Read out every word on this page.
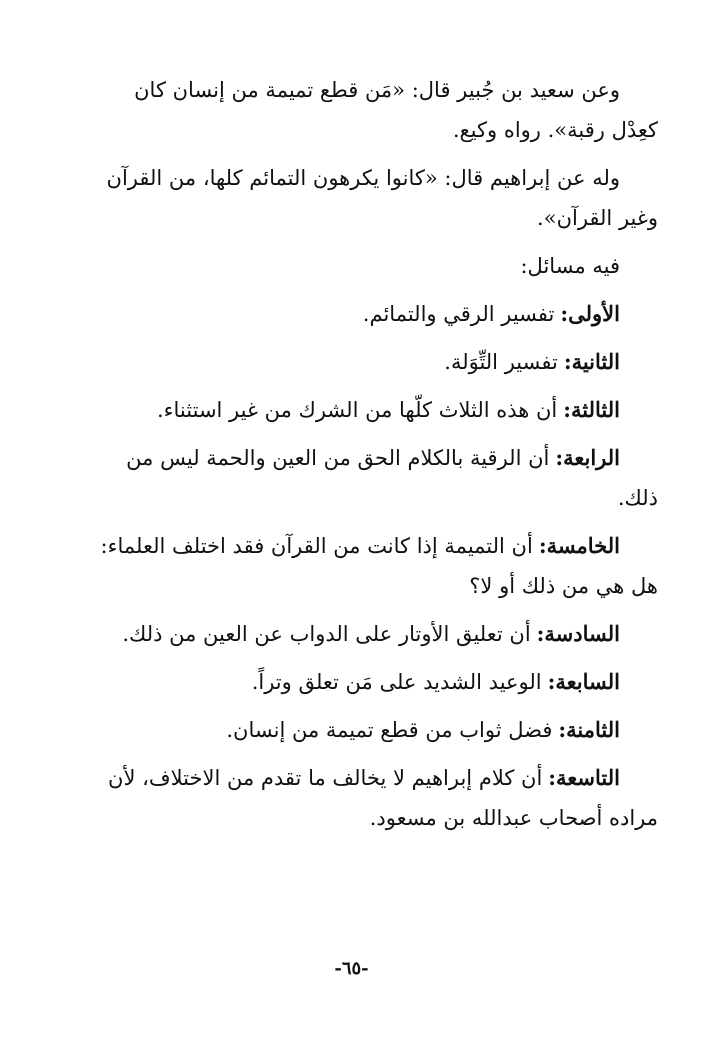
وعن سعيد بن جُبير قال: «مَن قطع تميمة من إنسان كان كعِدْل رقبة». رواه وكيع.

وله عن إبراهيم قال: «كانوا يكرهون التمائم كلها، من القرآن وغير القرآن».

فيه مسائل:

الأولى:تفسير الرقي والتمائم.

الثانية:تفسير التِّوَلة.

الثالثة:أن هذه الثلاث كلّها من الشرك من غير استثناء.

الرابعة:أن الرقية بالكلام الحق من العين والحمة ليس من ذلك.

الخامسة:أن التميمة إذا كانت من القرآن فقد اختلف العلماء: هل هي من ذلك أو لا؟

السادسة:أن تعليق الأوتار على الدواب عن العين من ذلك.

السابعة:الوعيد الشديد على مَن تعلق وتراً.

الثامنة:فضل ثواب من قطع تميمة من إنسان.

التاسعة:أن كلام إبراهيم لا يخالف ما تقدم من الاختلاف، لأن مراده أصحاب عبدالله بن مسعود.

-٦٥-
